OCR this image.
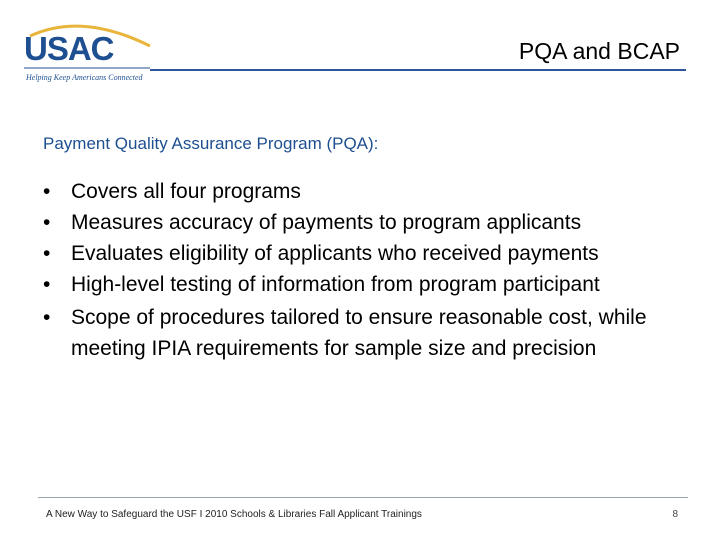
USAC
Helping Keep Americans Connected
PQA and BCAP
Payment Quality Assurance Program (PQA):
• Covers all four programs
• Measures accuracy of payments to program applicants
• Evaluates eligibility of applicants who received payments
• High-level testing of information from program participant
• Scope of procedures tailored to ensure reasonable cost, while meeting IPIA requirements for sample size and precision
A New Way to Safeguard the USF I 2010 Schools & Libraries Fall Applicant Trainings	8
